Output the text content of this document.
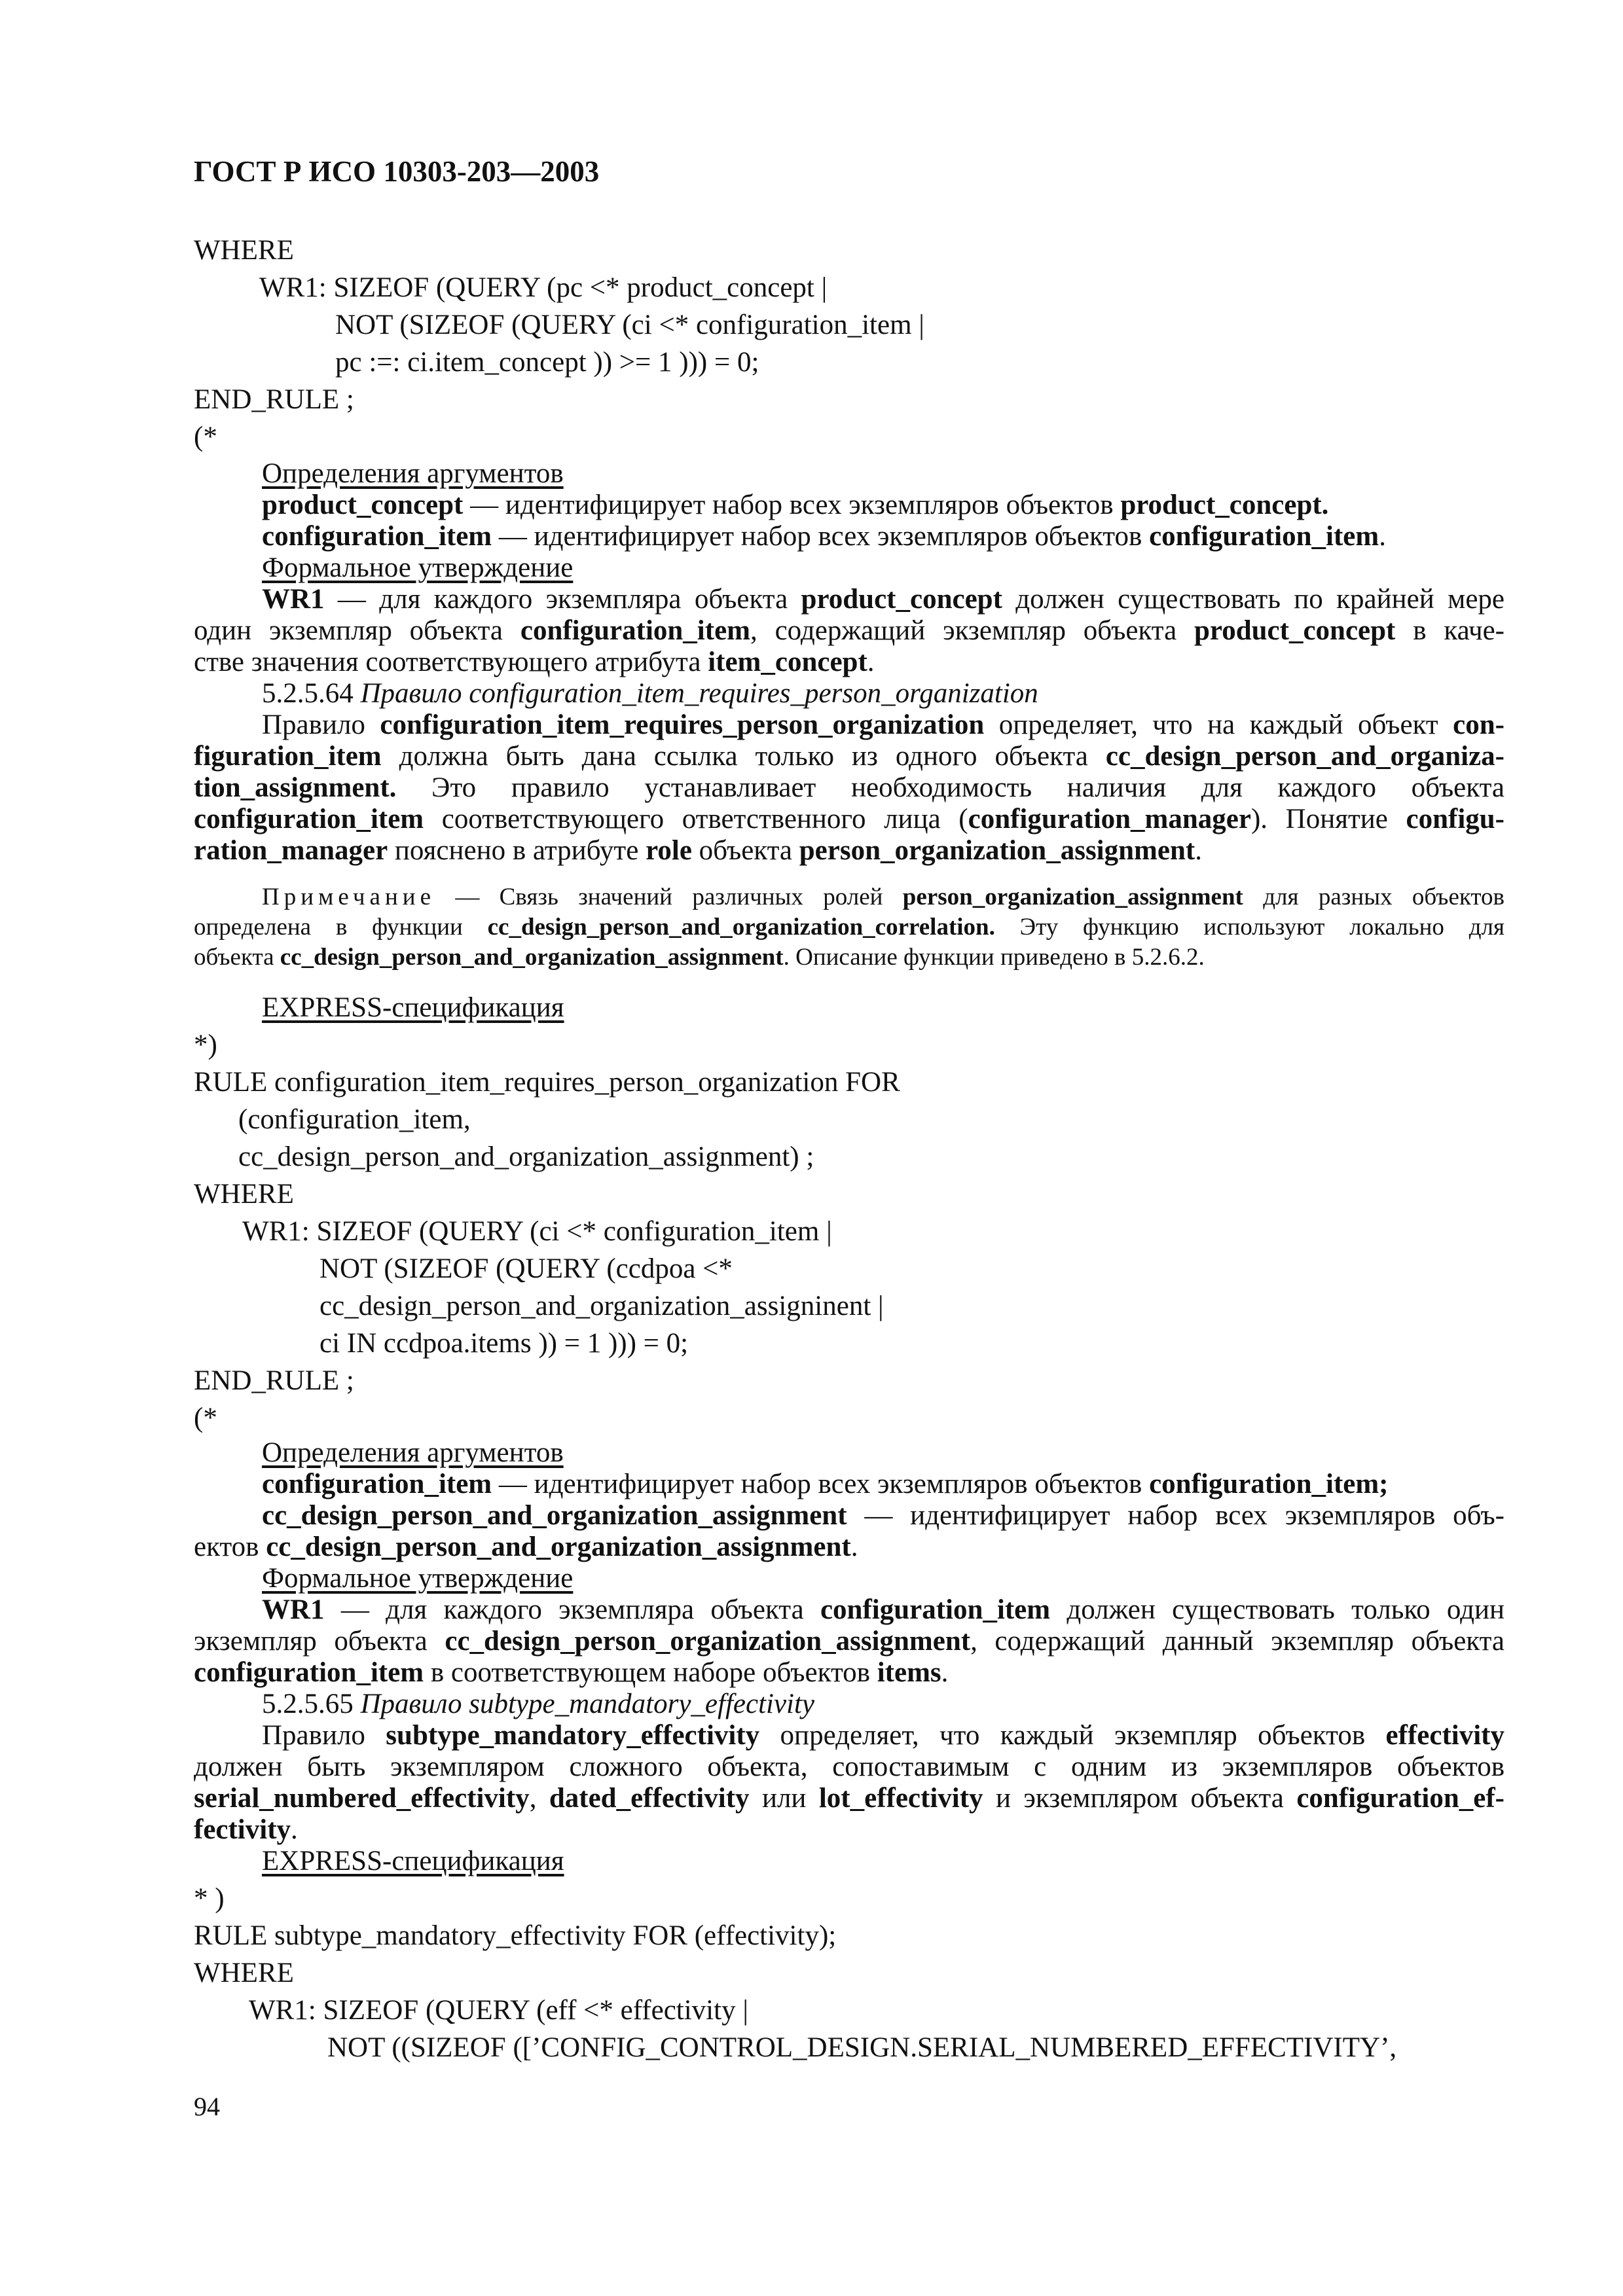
ГОСТ Р ИСО 10303-203—2003
WHERE
WR1: SIZEOF (QUERY (pc <* product_concept |
NOT (SIZEOF (QUERY (ci <* configuration_item |
pc :=: ci.item_concept )) >= 1 ))) = 0;
END_RULE ;
(*
Определения аргументов
product_concept — идентифицирует набор всех экземпляров объектов product_concept.
configuration_item — идентифицирует набор всех экземпляров объектов configuration_item.
Формальное утверждение
WR1 — для каждого экземпляра объекта product_concept должен существовать по крайней мере
один экземпляр объекта configuration_item, содержащий экземпляр объекта product_concept в каче-
стве значения соответствующего атрибута item_concept.
5.2.5.64 Правило configuration_item_requires_person_organization
Правило configuration_item_requires_person_organization определяет, что на каждый объект con-
figuration_item должна быть дана ссылка только из одного объекта cc_design_person_and_organiza-
tion_assignment. Это правило устанавливает необходимость наличия для каждого объекта
configuration_item соответствующего ответственного лица (configuration_manager). Понятие configu-
ration_manager пояснено в атрибуте role объекта person_organization_assignment.
Примечание — Связь значений различных ролей person_organization_assignment для разных объектов
определена в функции cc_design_person_and_organization_correlation. Эту функцию используют локально для
объекта cc_design_person_and_organization_assignment. Описание функции приведено в 5.2.6.2.
EXPRESS-спецификация
*)
RULE configuration_item_requires_person_organization FOR
(configuration_item,
cc_design_person_and_organization_assignment) ;
WHERE
WR1: SIZEOF (QUERY (ci <* configuration_item |
NOT (SIZEOF (QUERY (ccdpoa <*
cc_design_person_and_organization_assigninent |
ci IN ccdpoa.items )) = 1 ))) = 0;
END_RULE ;
(*
Определения аргументов
configuration_item — идентифицирует набор всех экземпляров объектов configuration_item;
cc_design_person_and_organization_assignment — идентифицирует набор всех экземпляров объ-
ектов cc_design_person_and_organization_assignment.
Формальное утверждение
WR1 — для каждого экземпляра объекта configuration_item должен существовать только один
экземпляр объекта cc_design_person_organization_assignment, содержащий данный экземпляр объекта
configuration_item в соответствующем наборе объектов items.
5.2.5.65 Правило subtype_mandatory_effectivity
Правило subtype_mandatory_effectivity определяет, что каждый экземпляр объектов effectivity
должен быть экземпляром сложного объекта, сопоставимым с одним из экземпляров объектов
serial_numbered_effectivity, dated_effectivity или lot_effectivity и экземпляром объекта configuration_ef-
fectivity.
EXPRESS-спецификация
* )
RULE subtype_mandatory_effectivity FOR (effectivity);
WHERE
WR1: SIZEOF (QUERY (eff <* effectivity |
NOT ((SIZEOF ([’CONFIG_CONTROL_DESIGN.SERIAL_NUMBERED_EFFECTIVITY’,
94
